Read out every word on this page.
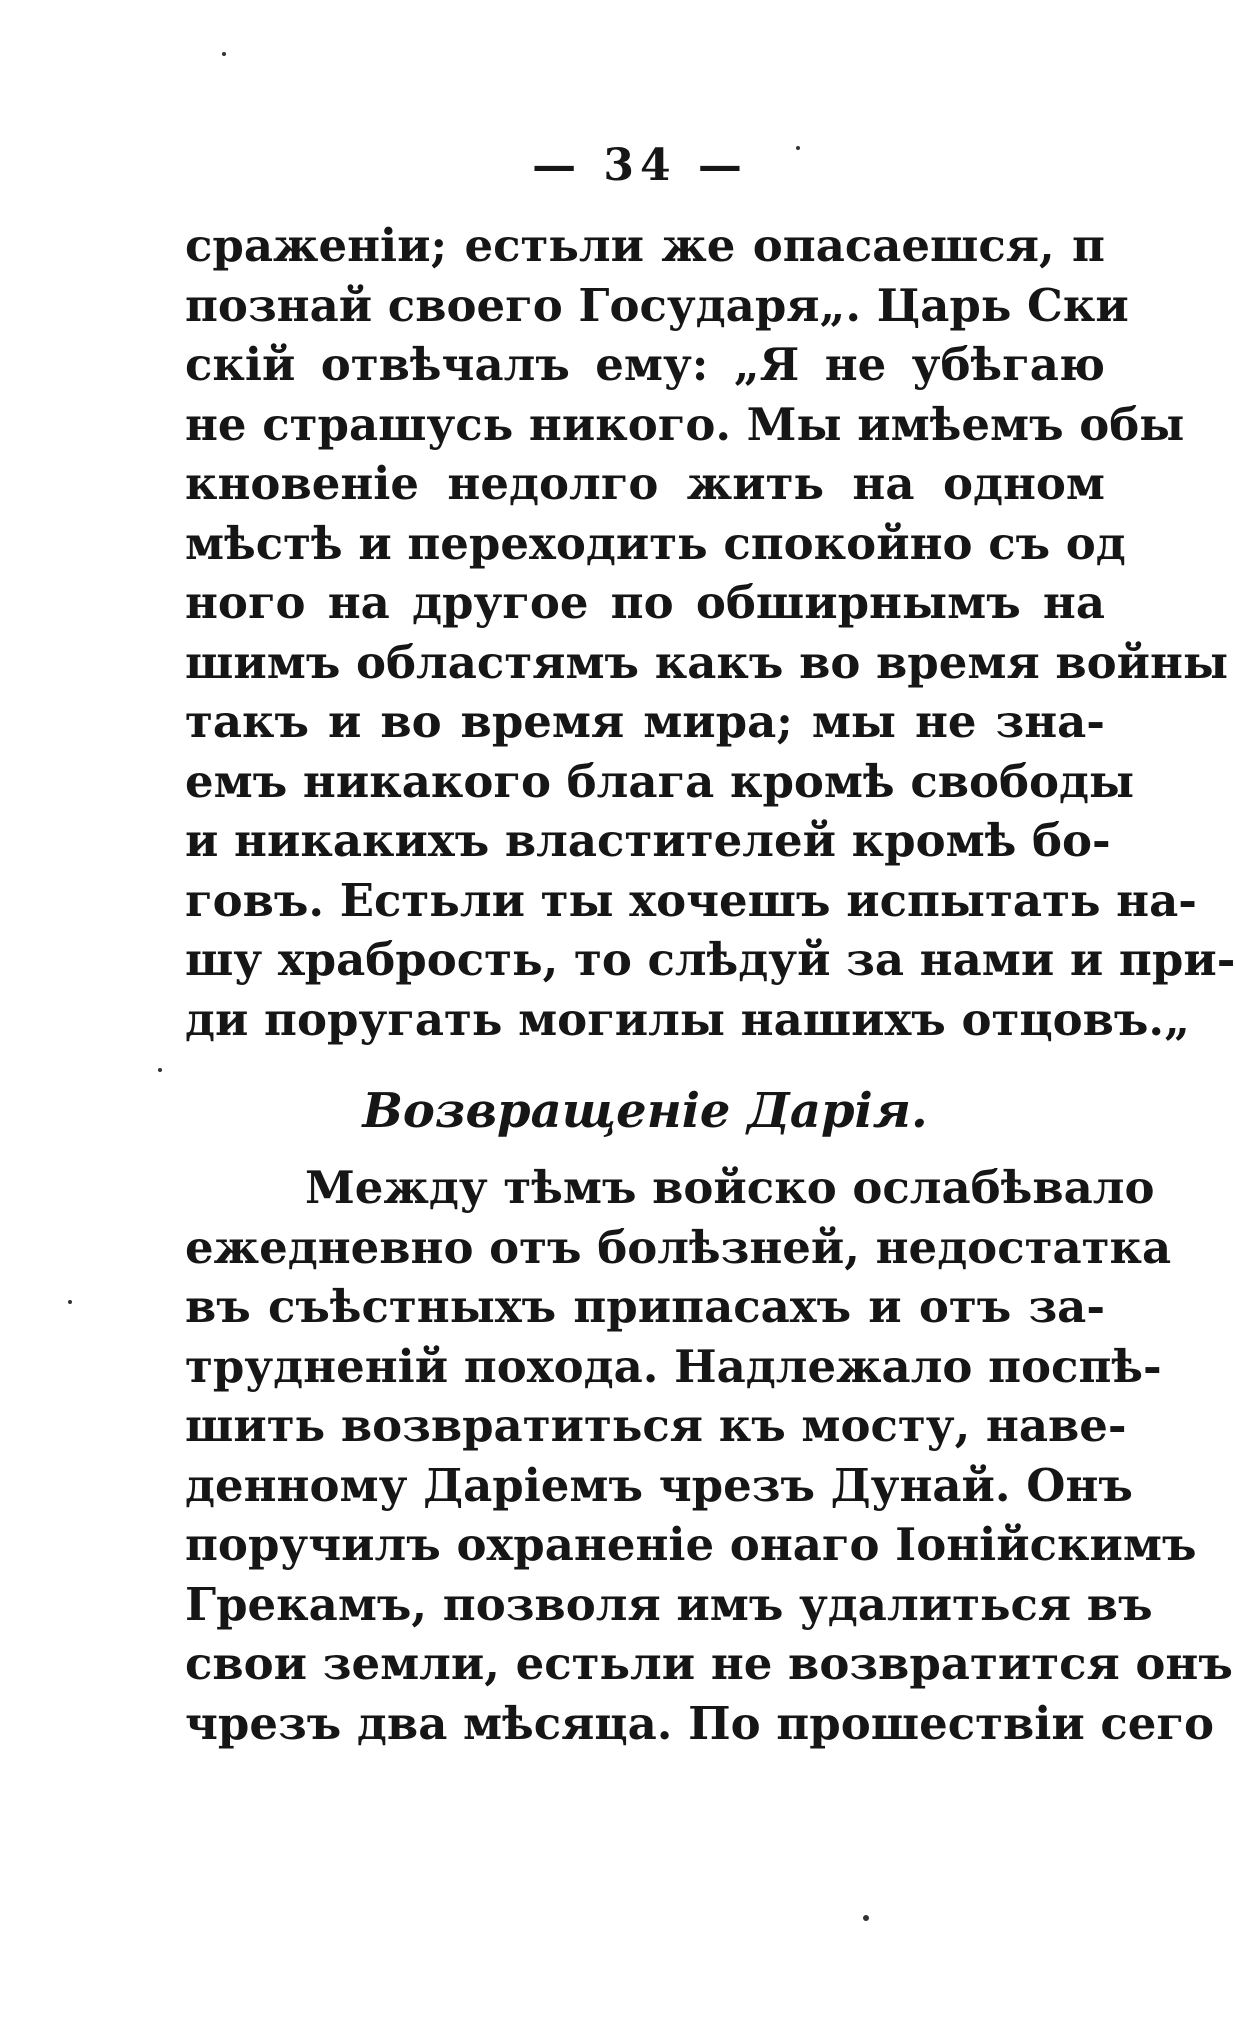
— 34 —
сраженіи; естьли же опасаешся, п
познай своего Государя„. Царь Ски
скій отвѣчалъ ему: „Я не убѣгаю
не страшусь никого. Мы имѣемъ обы
кновеніе недолго жить на одном
мѣстѣ и переходить спокойно съ од
ного на другое по обширнымъ на
шимъ областямъ какъ во время войны
такъ и во время мира; мы не зна-
емъ никакого блага кромѣ свободы
и никакихъ властителей кромѣ бо-
говъ. Естьли ты хочешъ испытать на-
шу храбрость, то слѣдуй за нами и при-
ди поругать могилы нашихъ отцовъ.„
Возвращеніе Дарія.
Между тѣмъ войско ослабѣвало
ежедневно отъ болѣзней, недостатка
въ съѣстныхъ припасахъ и отъ за-
трудненій похода. Надлежало поспѣ-
шить возвратиться къ мосту, наве-
денному Даріемъ чрезъ Дунай. Онъ
поручилъ охраненіе онаго Іонійскимъ
Грекамъ, позволя имъ удалиться въ
свои земли, естьли не возвратится онъ
чрезъ два мѣсяца. По прошествіи сего
